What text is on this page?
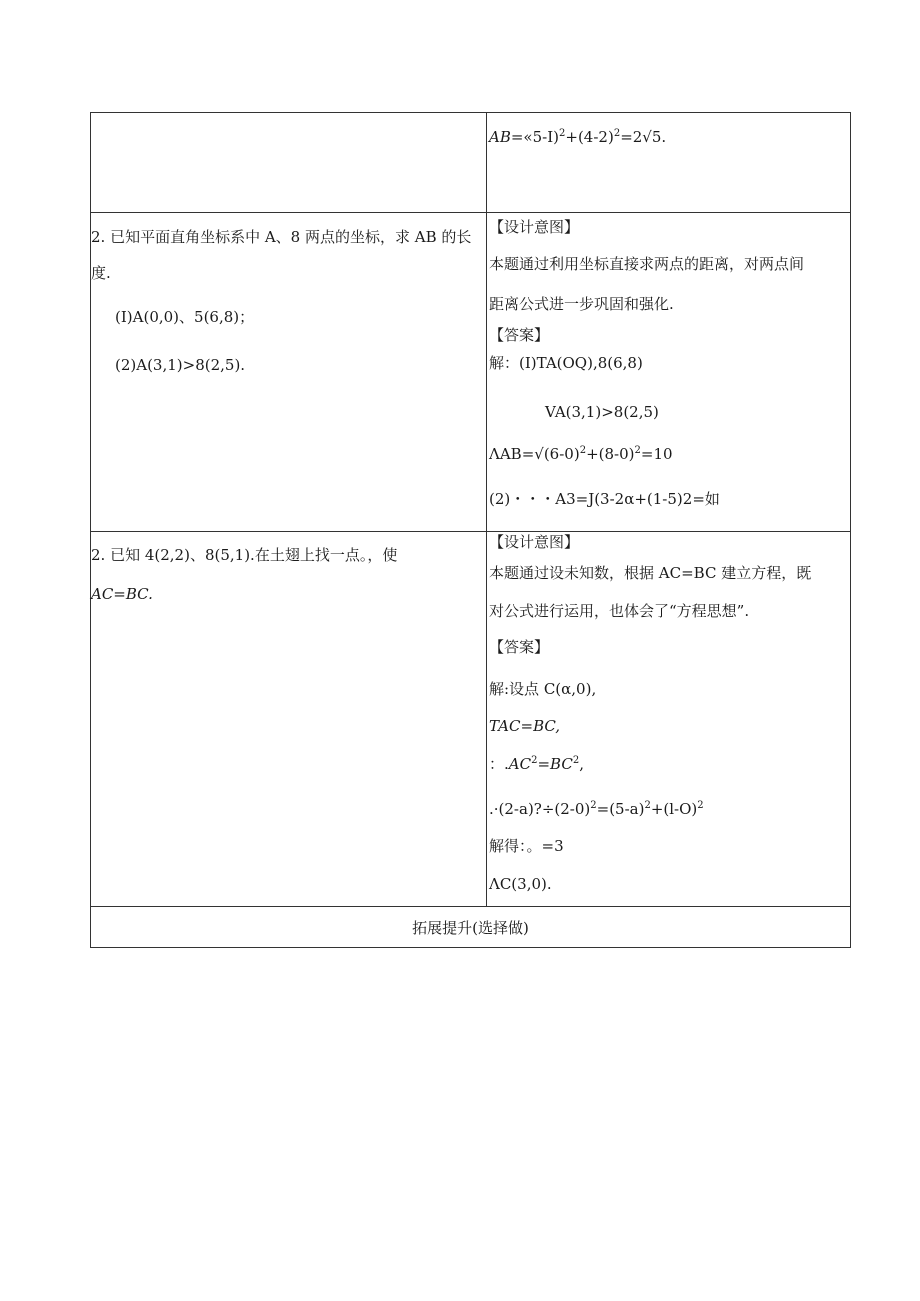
$AB=«5-I)^2+(4-2)^2=2√5$.
2. 已知平面直角坐标系中 A、8 两点的坐标，求 AB 的长
度.
(I)A(0,0)、5(6,8)；
(2)A(3,1)>8(2,5).
【设计意图】
本题通过利用坐标直接求两点的距离，对两点间
距离公式进一步巩固和强化.
【答案】
解：(I)TA(OQ),8(6,8)
VA(3,1)>8(2,5)
$\Lambda AB=√(6-0)^2+(8-0)^2=10$
(2)・・・A3=J(3-2α+(1-5)2=如
2. 已知 4(2,2)、8(5,1).在土翅上找一点。，使
AC=BC.
【设计意图】
本题通过设未知数，根据 AC=BC 建立方程，既
对公式进行运用，也体会了“方程思想”.
【答案】
解:设点 C(α,0),
TAC=BC,
：$.AC^2=BC^2$,
$.\cdot(2-a)?\div(2-0)^2=(5-a)^2+(l-O)^2$
解得：。=3
ΛC(3,0).
拓展提升(选择做)
